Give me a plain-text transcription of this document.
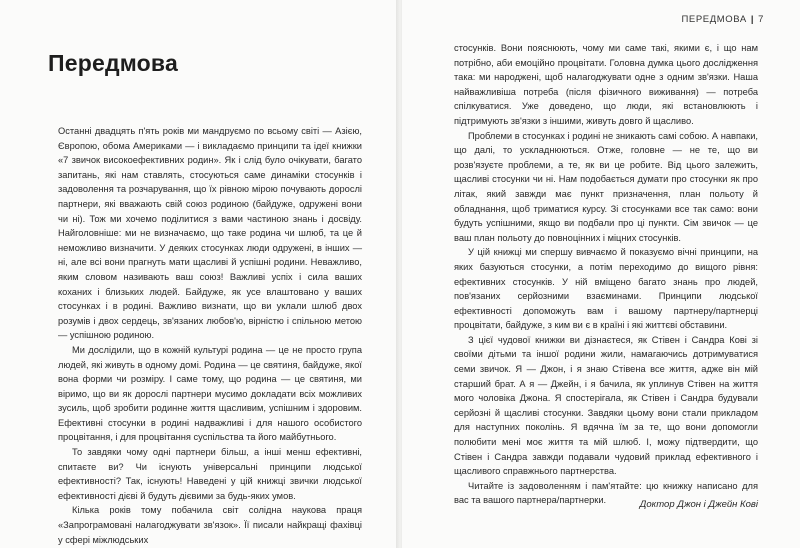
Передмова

Останні двадцять п'ять років ми мандруємо по всьому світі — Азією, Європою, обома Америками — і викладаємо принципи та ідеї книжки «7 звичок високоефективних родин». Як і слід було очікувати, багато запитань, які нам ставлять, стосуються саме динаміки стосунків і задоволення та розчарування, що їх рівною мірою почувають дорослі партнери, які вважають свій союз родиною (байдуже, одружені вони чи ні). Тож ми хочемо поділитися з вами частиною знань і досвіду. Найголовніше: ми не визначаємо, що таке родина чи шлюб, та це й неможливо визначити. У деяких стосунках люди одружені, в інших — ні, але всі вони прагнуть мати щасливі й успішні родини. Неважливо, яким словом називають ваш союз! Важливі успіх і сила ваших коханих і близьких людей. Байдуже, як усе влаштовано у ваших стосунках і в родині. Важливо визнати, що ви уклали шлюб двох розумів і двох сердець, зв'язаних любов'ю, вірністю і спільною метою — успішною родиною.

Ми дослідили, що в кожній культурі родина — це не просто група людей, які живуть в одному домі. Родина — це святиня, байдуже, якої вона форми чи розміру. І саме тому, що родина — це святиня, ми віримо, що ви як дорослі партнери мусимо докладати всіх можливих зусиль, щоб зробити родинне життя щасливим, успішним і здоровим. Ефективні стосунки в родині надважливі і для нашого особистого процвітання, і для процвітання суспільства та його майбутнього.

То завдяки чому одні партнери більш, а інші менш ефективні, спитаєте ви? Чи існують універсальні принципи людської ефективності? Так, існують! Наведені у цій книжці звички людської ефективності дієві й будуть дієвими за будь-яких умов.

Кілька років тому побачила світ солідна наукова праця «Запрограмовані налагоджувати зв'язок». Її писали найкращі фахівці у сфері міжлюдських

ПЕРЕДМОВА | 7

стосунків. Вони пояснюють, чому ми саме такі, якими є, і що нам потрібно, аби емоційно процвітати. Головна думка цього дослідження така: ми народжені, щоб налагоджувати одне з одним зв'язки. Наша найважливіша потреба (після фізичного виживання) — потреба спілкуватися. Уже доведено, що люди, які встановлюють і підтримують зв'язки з іншими, живуть довго й щасливо.

Проблеми в стосунках і родині не зникають самі собою. А навпаки, що далі, то ускладнюються. Отже, головне — не те, що ви розв'язуєте проблеми, а те, як ви це робите. Від цього залежить, щасливі стосунки чи ні. Нам подобається думати про стосунки як про літак, який завжди має пункт призначення, план польоту й обладнання, щоб триматися курсу. Зі стосунками все так само: вони будуть успішними, якщо ви подбали про ці пункти. Сім звичок — це ваш план польоту до повноцінних і міцних стосунків.

У цій книжці ми спершу вивчаємо й показуємо вічні принципи, на яких базуються стосунки, а потім переходимо до вищого рівня: ефективних стосунків. У ній вміщено багато знань про людей, пов'язаних серйозними взаєминами. Принципи людської ефективності допоможуть вам і вашому партнеру/партнерці процвітати, байдуже, з ким ви є в країні і які життєві обставини.

З цієї чудової книжки ви дізнаєтеся, як Стівен і Сандра Кові зі своїми дітьми та іншої родини жили, намагаючись дотримуватися семи звичок. Я — Джон, і я знаю Стівена все життя, адже він мій старший брат. А я — Джейн, і я бачила, як уплинув Стівен на життя мого чоловіка Джона. Я спостерігала, як Стівен і Сандра будували серйозні й щасливі стосунки. Завдяки цьому вони стали прикладом для наступних поколінь. Я вдячна їм за те, що вони допомогли полюбити мені моє життя та мій шлюб. І, можу підтвердити, що Стівен і Сандра завжди подавали чудовий приклад ефективного і щасливого справжнього партнерства.

Читайте із задоволенням і пам'ятайте: цю книжку написано для вас та вашого партнера/партнерки.	Доктор Джон і Джейн Кові
